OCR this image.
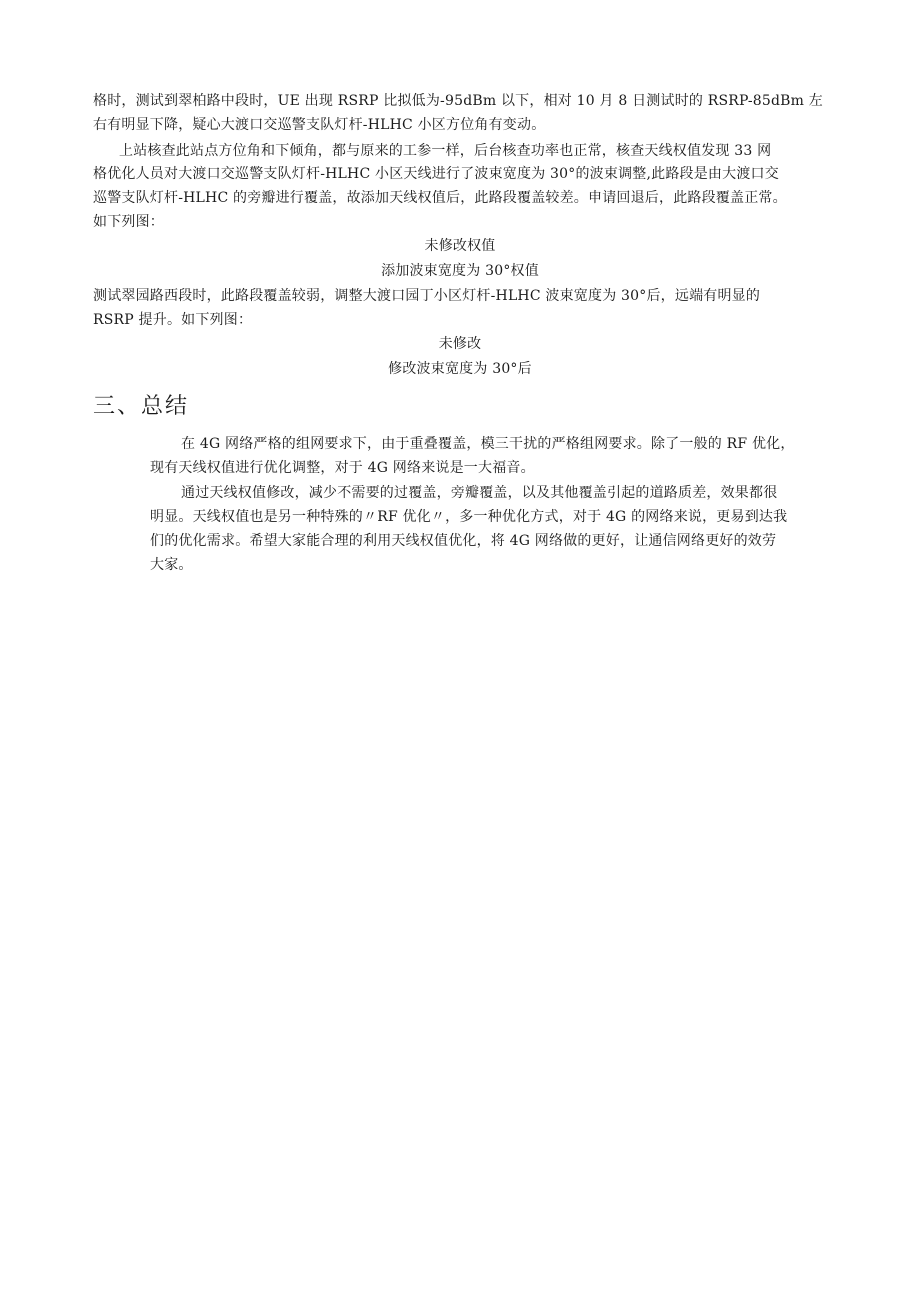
格时，测试到翠柏路中段时，UE 出现 RSRP 比拟低为-95dBm 以下，相对 10 月 8 日测试时的 RSRP-85dBm 左
右有明显下降，疑心大渡口交巡警支队灯杆-HLHC 小区方位角有变动。
上站核查此站点方位角和下倾角，都与原来的工参一样，后台核查功率也正常，核查天线权值发现 33 网
格优化人员对大渡口交巡警支队灯杆-HLHC 小区天线进行了波束宽度为 30°的波束调整,此路段是由大渡口交
巡警支队灯杆-HLHC 的旁瓣进行覆盖，故添加天线权值后，此路段覆盖较差。申请回退后，此路段覆盖正常。
如下列图：
未修改权值
添加波束宽度为 30°权值
测试翠园路西段时，此路段覆盖较弱，调整大渡口园丁小区灯杆-HLHC 波束宽度为 30°后，远端有明显的
RSRP 提升。如下列图：
未修改
修改波束宽度为 30°后
三、总结
在 4G 网络严格的组网要求下，由于重叠覆盖，模三干扰的严格组网要求。除了一般的 RF 优化，
现有天线权值进行优化调整，对于 4G 网络来说是一大福音。
通过天线权值修改，减少不需要的过覆盖，旁瓣覆盖，以及其他覆盖引起的道路质差，效果都很
明显。天线权值也是另一种特殊的〃RF 优化〃，多一种优化方式，对于 4G 的网络来说，更易到达我
们的优化需求。希望大家能合理的利用天线权值优化，将 4G 网络做的更好，让通信网络更好的效劳
大家。
